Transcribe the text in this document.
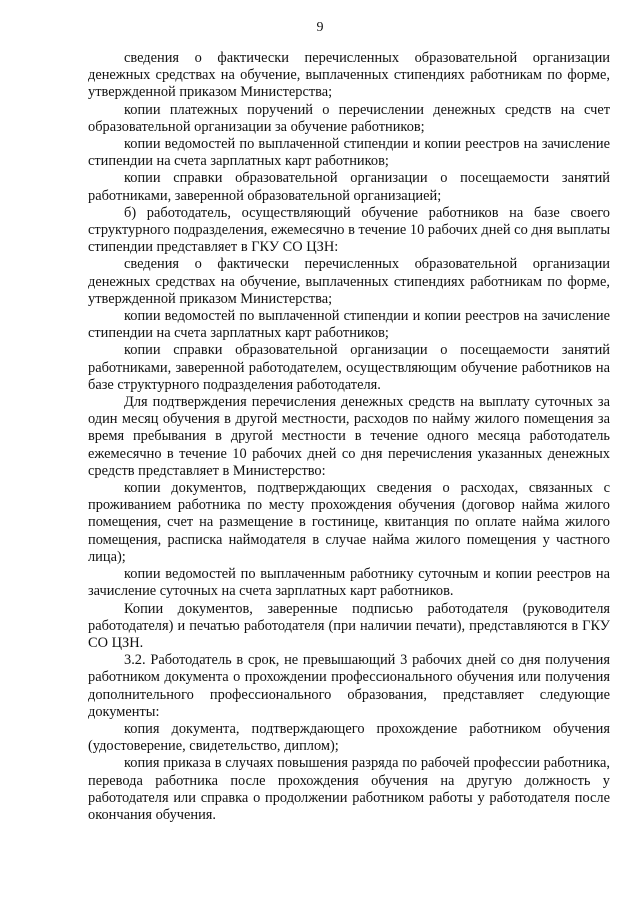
9

сведения о фактически перечисленных образовательной организации денежных средствах на обучение, выплаченных стипендиях работникам по форме, утвержденной приказом Министерства;

копии платежных поручений о перечислении денежных средств на счет образовательной организации за обучение работников;

копии ведомостей по выплаченной стипендии и копии реестров на зачисление стипендии на счета зарплатных карт работников;

копии справки образовательной организации о посещаемости занятий работниками, заверенной образовательной организацией;

б) работодатель, осуществляющий обучение работников на базе своего структурного подразделения, ежемесячно в течение 10 рабочих дней со дня выплаты стипендии представляет в ГКУ СО ЦЗН:

сведения о фактически перечисленных образовательной организации денежных средствах на обучение, выплаченных стипендиях работникам по форме, утвержденной приказом Министерства;

копии ведомостей по выплаченной стипендии и копии реестров на зачисление стипендии на счета зарплатных карт работников;

копии справки образовательной организации о посещаемости занятий работниками, заверенной работодателем, осуществляющим обучение работников на базе структурного подразделения работодателя.

Для подтверждения перечисления денежных средств на выплату суточных за один месяц обучения в другой местности, расходов по найму жилого помещения за время пребывания в другой местности в течение одного месяца работодатель ежемесячно в течение 10 рабочих дней со дня перечисления указанных денежных средств представляет в Министерство:

копии документов, подтверждающих сведения о расходах, связанных с проживанием работника по месту прохождения обучения (договор найма жилого помещения, счет на размещение в гостинице, квитанция по оплате найма жилого помещения, расписка наймодателя в случае найма жилого помещения у частного лица);

копии ведомостей по выплаченным работнику суточным и копии реестров на зачисление суточных на счета зарплатных карт работников.

Копии документов, заверенные подписью работодателя (руководителя работодателя) и печатью работодателя (при наличии печати), представляются в ГКУ СО ЦЗН.

3.2. Работодатель в срок, не превышающий 3 рабочих дней со дня получения работником документа о прохождении профессионального обучения или получения дополнительного профессионального образования, представляет следующие документы:

копия документа, подтверждающего прохождение работником обучения (удостоверение, свидетельство, диплом);

копия приказа в случаях повышения разряда по рабочей профессии работника, перевода работника после прохождения обучения на другую должность у работодателя или справка о продолжении работником работы у работодателя после окончания обучения.
